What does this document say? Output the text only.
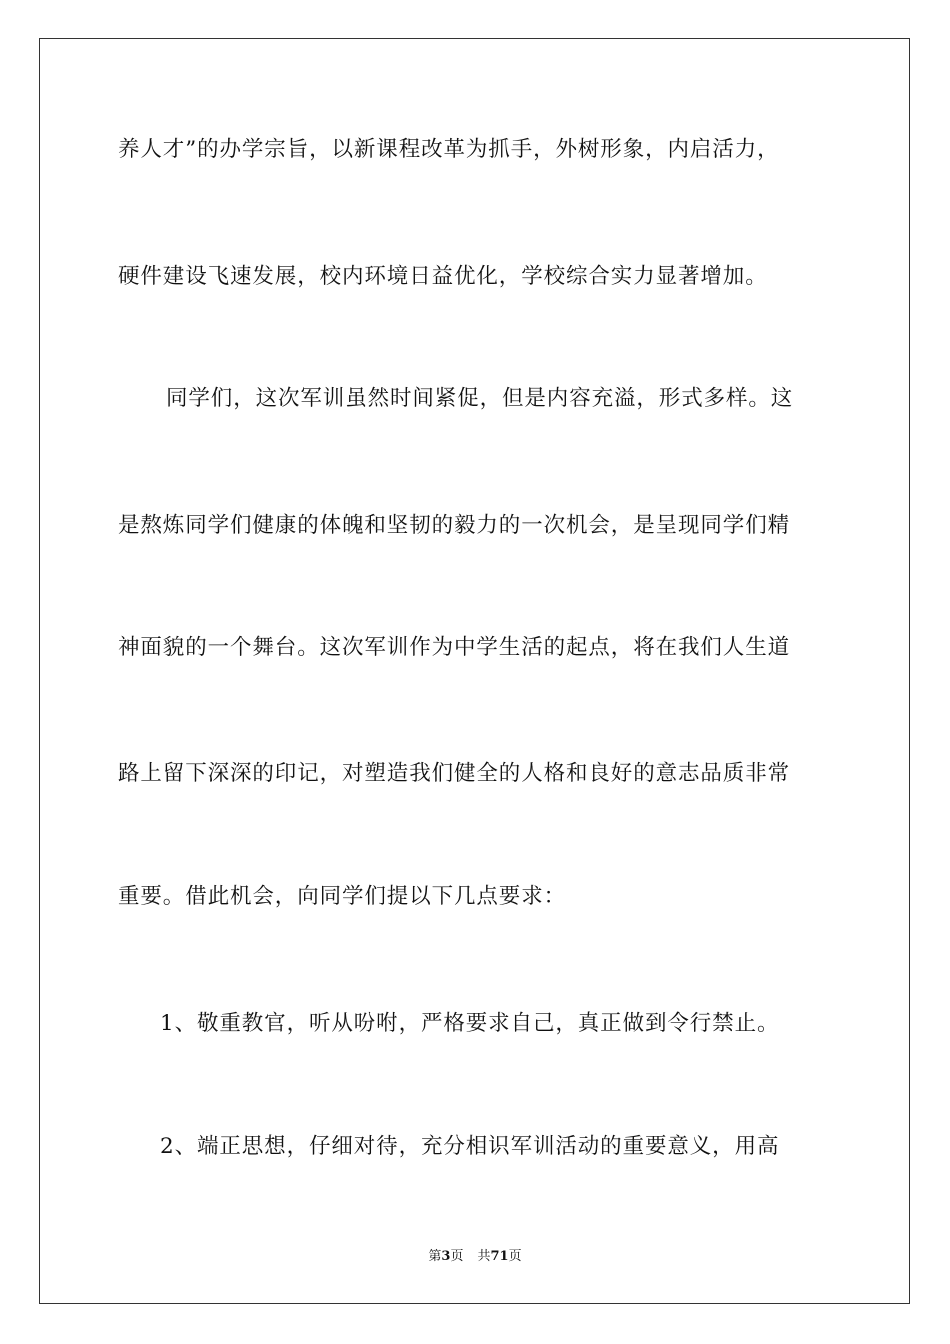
养人才”的办学宗旨，以新课程改革为抓手，外树形象，内启活力，
硬件建设飞速发展，校内环境日益优化，学校综合实力显著增加。
同学们，这次军训虽然时间紧促，但是内容充溢，形式多样。这
是熬炼同学们健康的体魄和坚韧的毅力的一次机会，是呈现同学们精
神面貌的一个舞台。这次军训作为中学生活的起点，将在我们人生道
路上留下深深的印记，对塑造我们健全的人格和良好的意志品质非常
重要。借此机会，向同学们提以下几点要求：
1、敬重教官，听从吩咐，严格要求自己，真正做到令行禁止。
2、端正思想，仔细对待，充分相识军训活动的重要意义，用高
第3页 共71页
